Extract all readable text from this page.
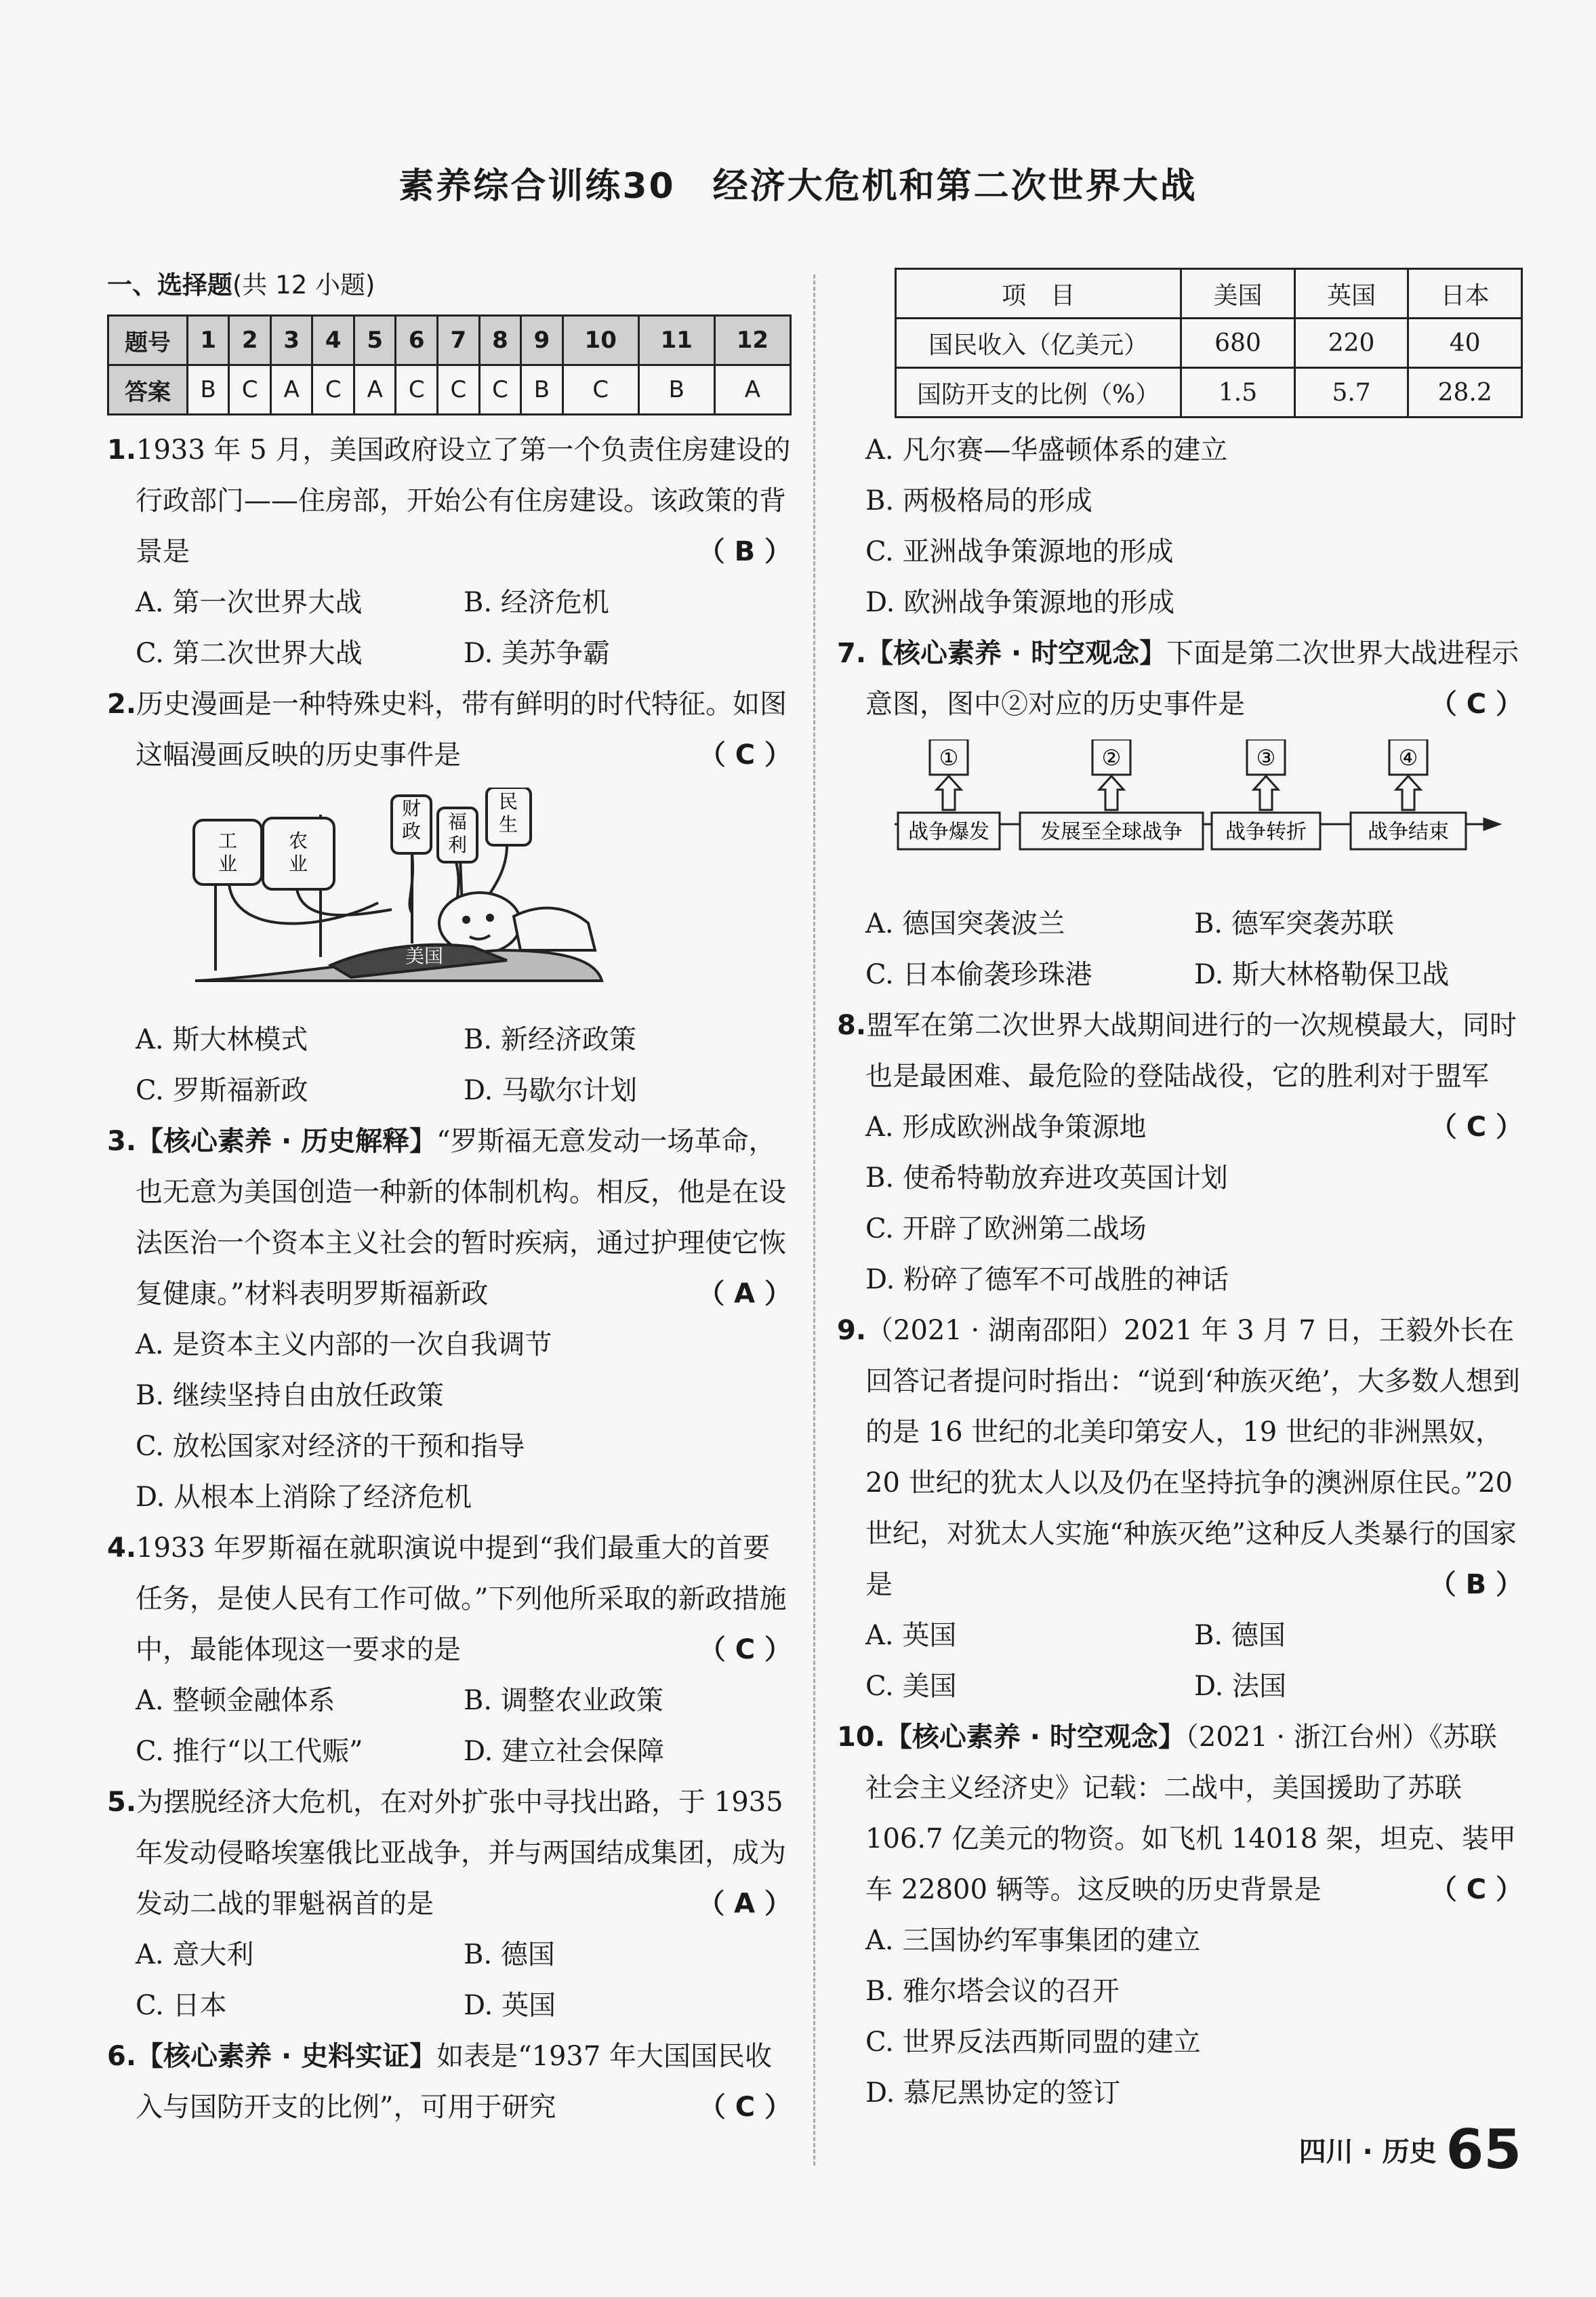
素养综合训练30　经济大危机和第二次世界大战
一、选择题(共 12 小题)
题号	1	2	3	4	5	6	7	8	9	10	11	12
答案	B	C	A	C	A	C	C	C	B	C	B	A
1.1933 年 5 月，美国政府设立了第一个负责住房建设的行政部门——住房部，开始公有住房建设。该政策的背景是	（ B ）
A. 第一次世界大战	B. 经济危机
C. 第二次世界大战	D. 美苏争霸
2.历史漫画是一种特殊史料，带有鲜明的时代特征。如图这幅漫画反映的历史事件是	（ C ）
工
业
农
业
财
政 福
利
民
生
美国
A. 斯大林模式	B. 新经济政策
C. 罗斯福新政	D. 马歇尔计划
3.【核心素养 · 历史解释】“罗斯福无意发动一场革命，也无意为美国创造一种新的体制机构。相反，他是在设法医治一个资本主义社会的暂时疾病，通过护理使它恢复健康。”材料表明罗斯福新政	（ A ）
A. 是资本主义内部的一次自我调节
B. 继续坚持自由放任政策
C. 放松国家对经济的干预和指导
D. 从根本上消除了经济危机
4.1933 年罗斯福在就职演说中提到“我们最重大的首要任务，是使人民有工作可做。”下列他所采取的新政措施中，最能体现这一要求的是	（ C ）
A. 整顿金融体系	B. 调整农业政策
C. 推行“以工代赈”	D. 建立社会保障
5.为摆脱经济大危机，在对外扩张中寻找出路，于 1935 年发动侵略埃塞俄比亚战争，并与两国结成集团，成为发动二战的罪魁祸首的是	（ A ）
A. 意大利	B. 德国
C. 日本	D. 英国
6.【核心素养 · 史料实证】如表是“1937 年大国国民收入与国防开支的比例”，可用于研究	（ C ）
项　目	美国	英国	日本
国民收入（亿美元）	680	220	40
国防开支的比例（%）	1.5	5.7	28.2
A. 凡尔赛—华盛顿体系的建立
B. 两极格局的形成
C. 亚洲战争策源地的形成
D. 欧洲战争策源地的形成
7.【核心素养 · 时空观念】下面是第二次世界大战进程示意图，图中②对应的历史事件是	（ C ）
①
战争爆发
②
发展至全球战争
③
战争转折
④
战争结束
A. 德国突袭波兰	B. 德军突袭苏联
C. 日本偷袭珍珠港	D. 斯大林格勒保卫战
8.盟军在第二次世界大战期间进行的一次规模最大，同时也是最困难、最危险的登陆战役，它的胜利对于盟军
（ C ）
A. 形成欧洲战争策源地
B. 使希特勒放弃进攻英国计划
C. 开辟了欧洲第二战场
D. 粉碎了德军不可战胜的神话
9.（2021 · 湖南邵阳）2021 年 3 月 7 日，王毅外长在回答记者提问时指出：“说到‘种族灭绝’，大多数人想到的是 16 世纪的北美印第安人，19 世纪的非洲黑奴，20 世纪的犹太人以及仍在坚持抗争的澳洲原住民。”20 世纪，对犹太人实施“种族灭绝”这种反人类暴行的国家是	（ B ）
A. 英国	B. 德国
C. 美国	D. 法国
10.【核心素养 · 时空观念】（2021 · 浙江台州）《苏联社会主义经济史》记载：二战中，美国援助了苏联 106.7 亿美元的物资。如飞机 14018 架，坦克、装甲车 22800 辆等。这反映的历史背景是	（ C ）
A. 三国协约军事集团的建立
B. 雅尔塔会议的召开
C. 世界反法西斯同盟的建立
D. 慕尼黑协定的签订
四川 · 历史 65
